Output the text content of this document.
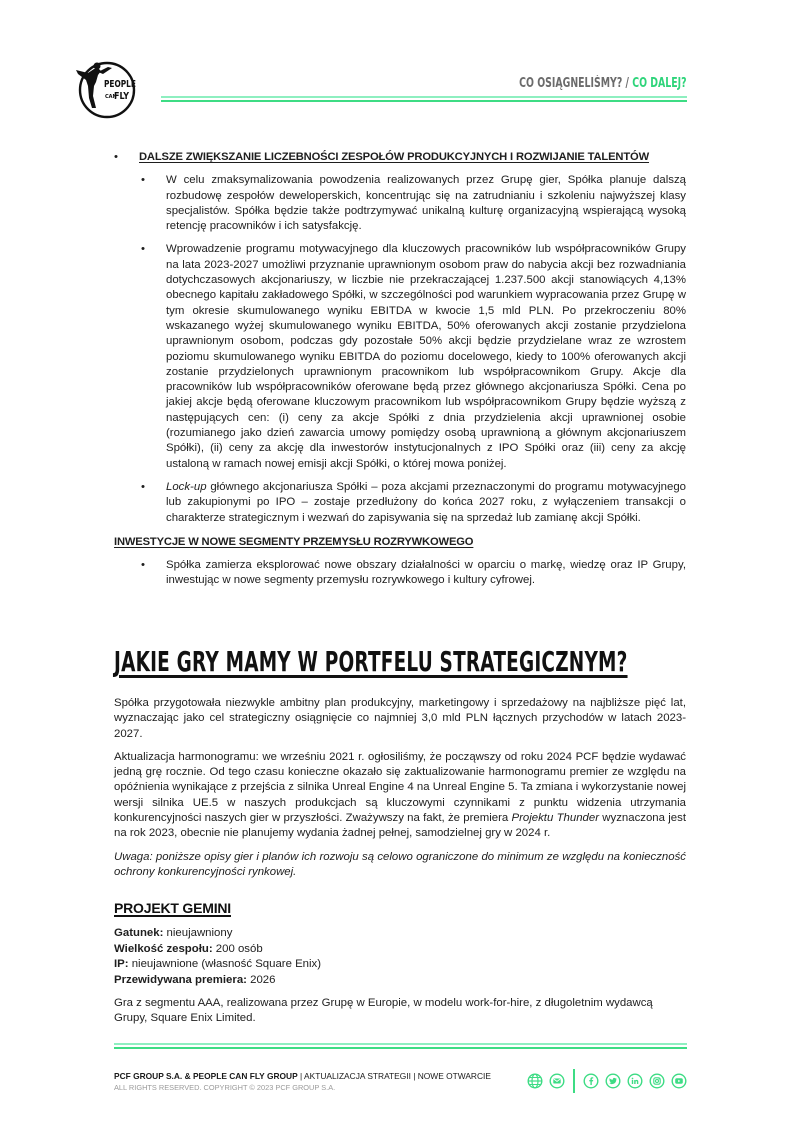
PEOPLE
CAN
FLY
CO OSIĄGNELIŚMY? / CO DALEJ?
• DALSZE ZWIĘKSZANIE LICZEBNOŚCI ZESPOŁÓW PRODUKCYJNYCH I ROZWIJANIE TALENTÓW
• W celu zmaksymalizowania powodzenia realizowanych przez Grupę gier, Spółka planuje dalszą rozbudowę zespołów deweloperskich, koncentrując się na zatrudnianiu i szkoleniu najwyższej klasy specjalistów. Spółka będzie także podtrzymywać unikalną kulturę organizacyjną wspierającą wysoką retencję pracowników i ich satysfakcję.
• Wprowadzenie programu motywacyjnego dla kluczowych pracowników lub współpracowników Grupy na lata 2023-2027 umożliwi przyznanie uprawnionym osobom praw do nabycia akcji bez rozwadniania dotychczasowych akcjonariuszy, w liczbie nie przekraczającej 1.237.500 akcji stanowiących 4,13% obecnego kapitału zakładowego Spółki, w szczególności pod warunkiem wypracowania przez Grupę w tym okresie skumulowanego wyniku EBITDA w kwocie 1,5 mld PLN. Po przekroczeniu 80% wskazanego wyżej skumulowanego wyniku EBITDA, 50% oferowanych akcji zostanie przydzielona uprawnionym osobom, podczas gdy pozostałe 50% akcji będzie przydzielane wraz ze wzrostem poziomu skumulowanego wyniku EBITDA do poziomu docelowego, kiedy to 100% oferowanych akcji zostanie przydzielonych uprawnionym pracownikom lub współpracownikom Grupy. Akcje dla pracowników lub współpracowników oferowane będą przez głównego akcjonariusza Spółki. Cena po jakiej akcje będą oferowane kluczowym pracownikom lub współpracownikom Grupy będzie wyższą z następujących cen: (i) ceny za akcje Spółki z dnia przydzielenia akcji uprawnionej osobie (rozumianego jako dzień zawarcia umowy pomiędzy osobą uprawnioną a głównym akcjonariuszem Spółki), (ii) ceny za akcję dla inwestorów instytucjonalnych z IPO Spółki oraz (iii) ceny za akcję ustaloną w ramach nowej emisji akcji Spółki, o której mowa poniżej.
• Lock-up głównego akcjonariusza Spółki – poza akcjami przeznaczonymi do programu motywacyjnego lub zakupionymi po IPO – zostaje przedłużony do końca 2027 roku, z wyłączeniem transakcji o charakterze strategicznym i wezwań do zapisywania się na sprzedaż lub zamianę akcji Spółki.
INWESTYCJE W NOWE SEGMENTY PRZEMYSŁU ROZRYWKOWEGO
• Spółka zamierza eksplorować nowe obszary działalności w oparciu o markę, wiedzę oraz IP Grupy, inwestując w nowe segmenty przemysłu rozrywkowego i kultury cyfrowej.
JAKIE GRY MAMY W PORTFELU STRATEGICZNYM?

Spółka przygotowała niezwykle ambitny plan produkcyjny, marketingowy i sprzedażowy na najbliższe pięć lat, wyznaczając jako cel strategiczny osiągnięcie co najmniej 3,0 mld PLN łącznych przychodów w latach 2023-2027.

Aktualizacja harmonogramu: we wrześniu 2021 r. ogłosiliśmy, że począwszy od roku 2024 PCF będzie wydawać jedną grę rocznie. Od tego czasu konieczne okazało się zaktualizowanie harmonogramu premier ze względu na opóźnienia wynikające z przejścia z silnika Unreal Engine 4 na Unreal Engine 5. Ta zmiana i wykorzystanie nowej wersji silnika UE.5 w naszych produkcjach są kluczowymi czynnikami z punktu widzenia utrzymania konkurencyjności naszych gier w przyszłości. Zważywszy na fakt, że premiera Projektu Thunder wyznaczona jest na rok 2023, obecnie nie planujemy wydania żadnej pełnej, samodzielnej gry w 2024 r.

Uwaga: poniższe opisy gier i planów ich rozwoju są celowo ograniczone do minimum ze względu na konieczność ochrony konkurencyjności rynkowej.

PROJEKT GEMINI
Gatunek: nieujawniony
Wielkość zespołu: 200 osób
IP: nieujawnione (własność Square Enix)
Przewidywana premiera: 2026
Gra z segmentu AAA, realizowana przez Grupę w Europie, w modelu work-for-hire, z długoletnim wydawcą Grupy, Square Enix Limited.
PCF GROUP S.A. & PEOPLE CAN FLY GROUP | AKTUALIZACJA STRATEGII | NOWE OTWARCIE
ALL RIGHTS RESERVED. COPYRIGHT © 2023 PCF GROUP S.A.
